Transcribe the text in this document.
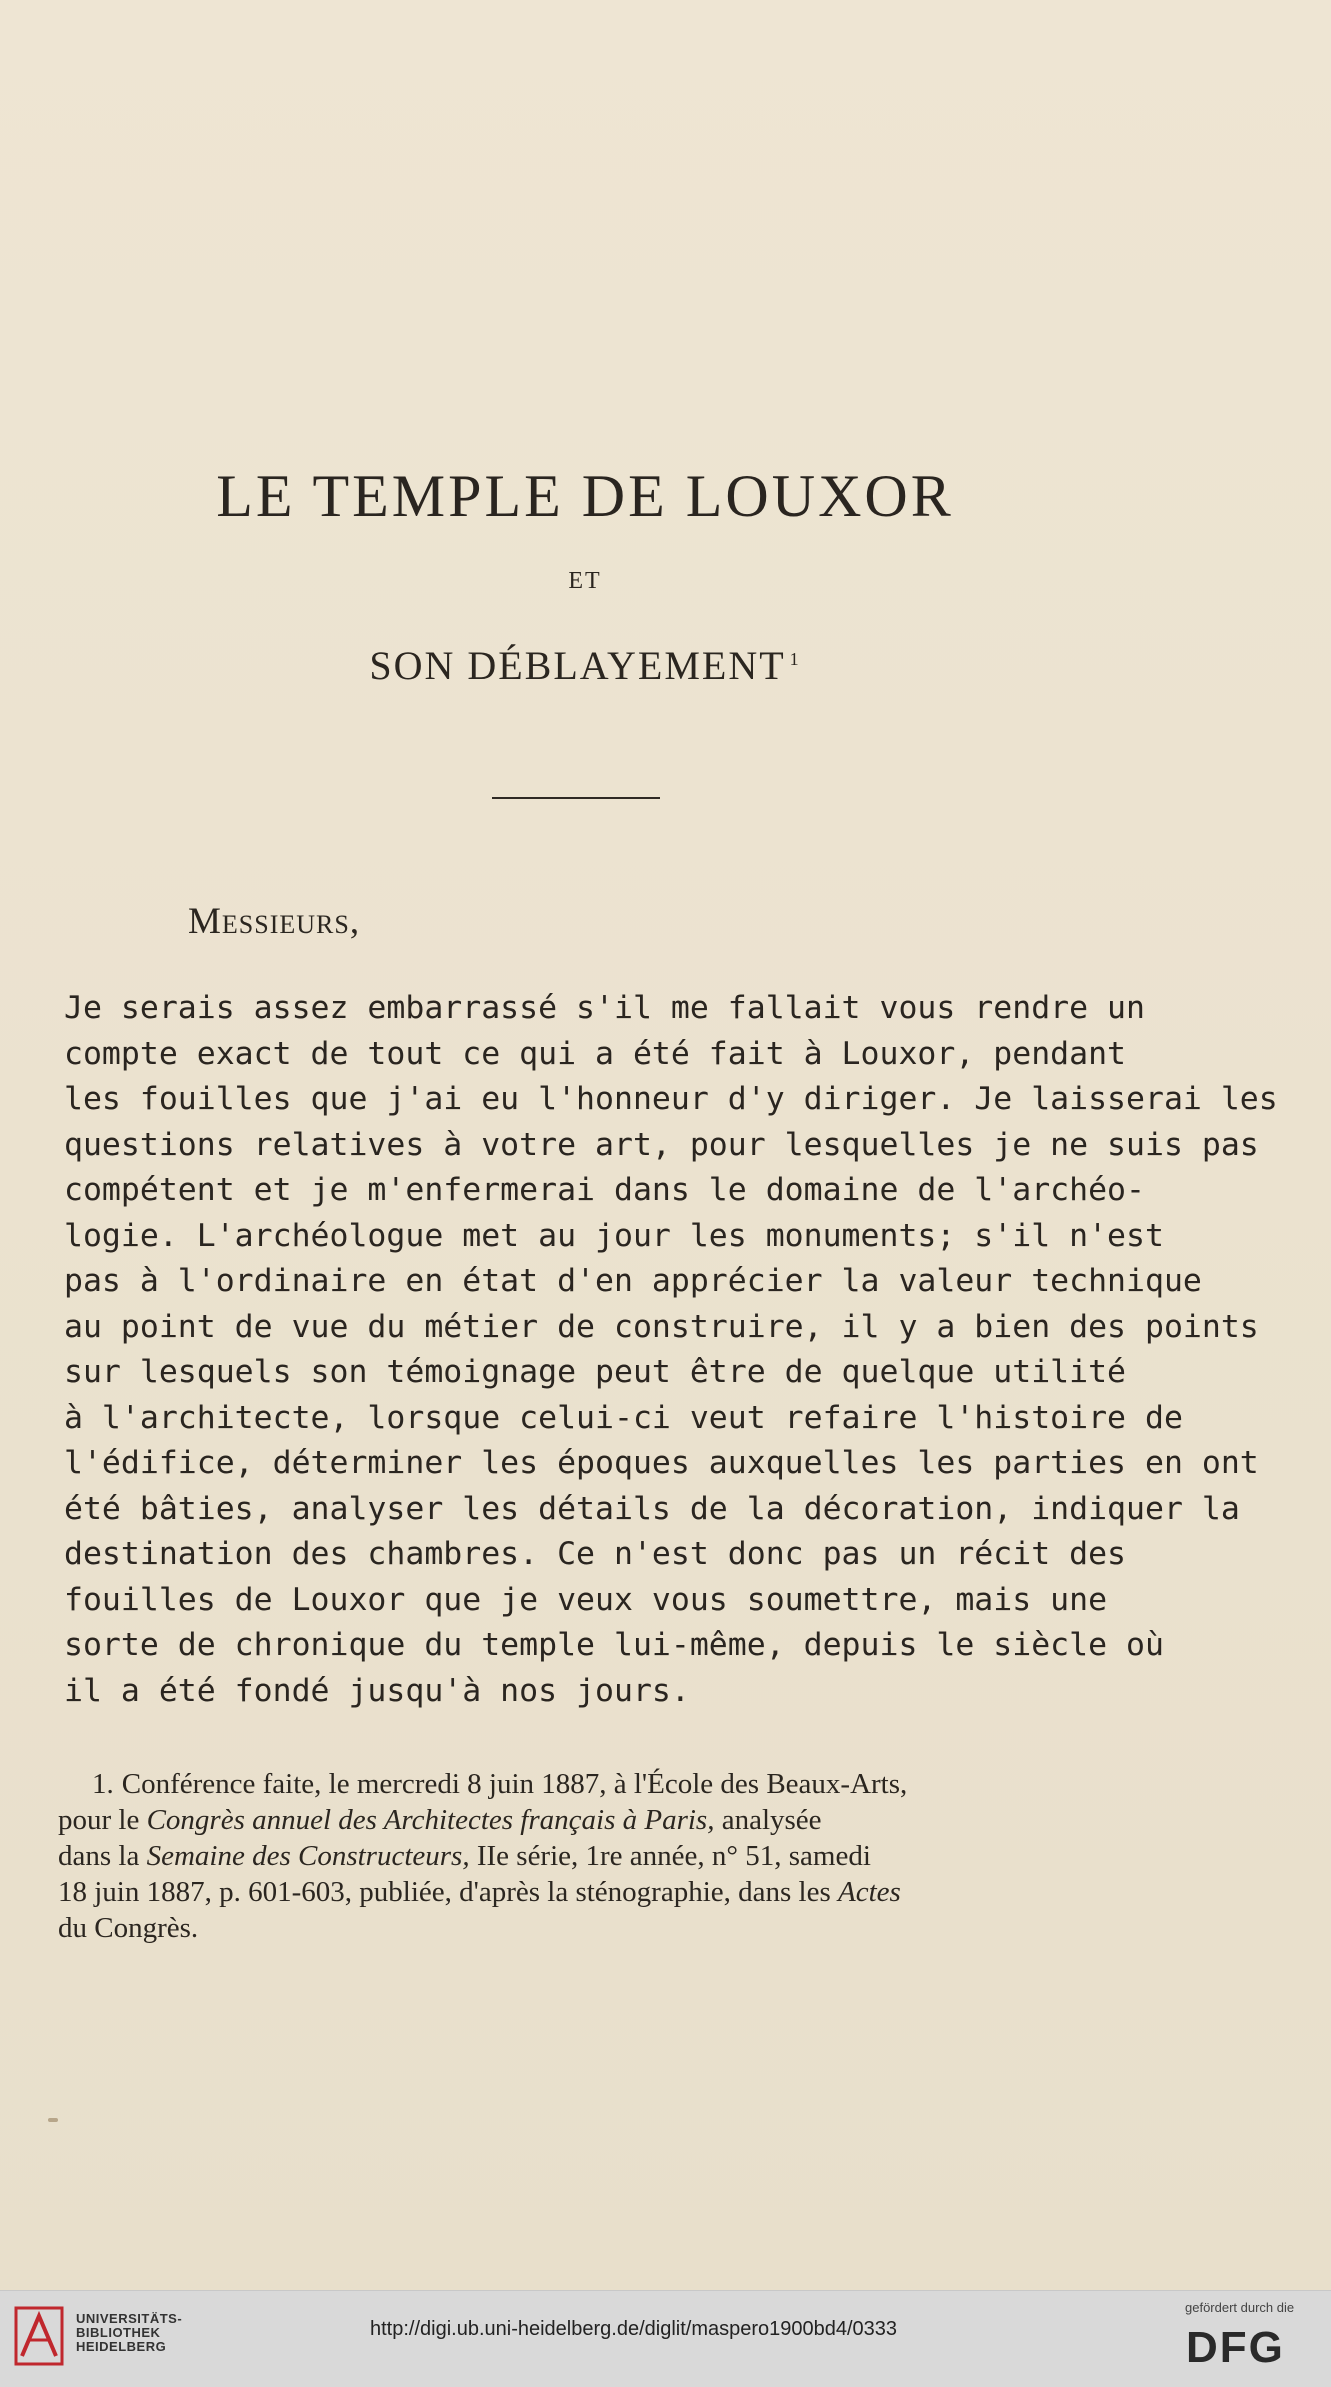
LE TEMPLE DE LOUXOR
ET
SON DÉBLAYEMENT $^1$
Messieurs,
Je serais assez embarrassé s'il me fallait vous rendre un
compte exact de tout ce qui a été fait à Louxor, pendant
les fouilles que j'ai eu l'honneur d'y diriger. Je laisserai les
questions relatives à votre art, pour lesquelles je ne suis pas
compétent et je m'enfermerai dans le domaine de l'archéo-
logie. L'archéologue met au jour les monuments; s'il n'est
pas à l'ordinaire en état d'en apprécier la valeur technique
au point de vue du métier de construire, il y a bien des points
sur lesquels son témoignage peut être de quelque utilité
à l'architecte, lorsque celui-ci veut refaire l'histoire de
l'édifice, déterminer les époques auxquelles les parties en ont
été bâties, analyser les détails de la décoration, indiquer la
destination des chambres. Ce n'est donc pas un récit des
fouilles de Louxor que je veux vous soumettre, mais une
sorte de chronique du temple lui-même, depuis le siècle où
il a été fondé jusqu'à nos jours.
1. Conférence faite, le mercredi 8 juin 1887, à l'École des Beaux-Arts,
pour le Congrès annuel des Architectes français à Paris, analysée
dans la Semaine des Constructeurs, IIe série, 1re année, n° 51, samedi
18 juin 1887, p. 601-603, publiée, d'après la sténographie, dans les Actes
du Congrès.
UNIVERSITÄTS-
BIBLIOTHEK
HEIDELBERG
http://digi.ub.uni-heidelberg.de/diglit/maspero1900bd4/0333
gefördert durch die
DFG
